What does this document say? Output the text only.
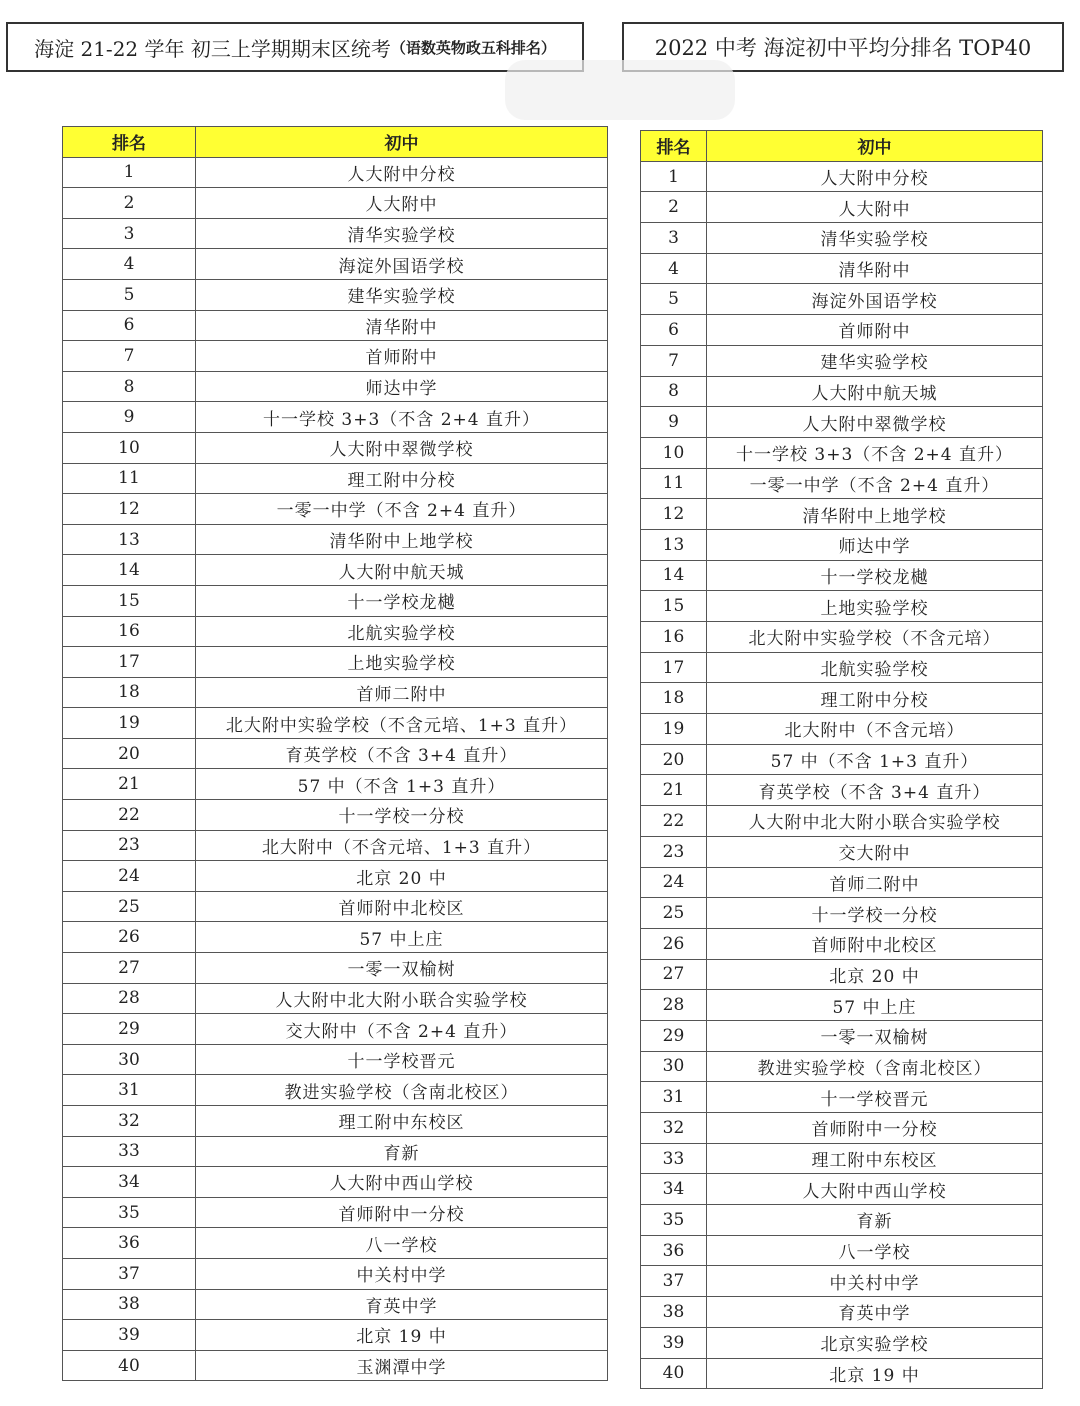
海淀 21-22 学年 初三上学期期末区统考 （语数英物政五科排名）	2022 中考 海淀初中平均分排名 TOP40
排名	初中
1	人大附中分校
2	人大附中
3	清华实验学校
4	海淀外国语学校
5	建华实验学校
6	清华附中
7	首师附中
8	师达中学
9	十一学校 3+3（不含 2+4 直升）
10	人大附中翠微学校
11	理工附中分校
12	一零一中学（不含 2+4 直升）
13	清华附中上地学校
14	人大附中航天城
15	十一学校龙樾
16	北航实验学校
17	上地实验学校
18	首师二附中
19	北大附中实验学校（不含元培、1+3 直升）
20	育英学校（不含 3+4 直升）
21	57 中（不含 1+3 直升）
22	十一学校一分校
23	北大附中（不含元培、1+3 直升）
24	北京 20 中
25	首师附中北校区
26	57 中上庄
27	一零一双榆树
28	人大附中北大附小联合实验学校
29	交大附中（不含 2+4 直升）
30	十一学校晋元
31	教进实验学校（含南北校区）
32	理工附中东校区
33	育新
34	人大附中西山学校
35	首师附中一分校
36	八一学校
37	中关村中学
38	育英中学
39	北京 19 中
40	玉渊潭中学
排名	初中
1	人大附中分校
2	人大附中
3	清华实验学校
4	清华附中
5	海淀外国语学校
6	首师附中
7	建华实验学校
8	人大附中航天城
9	人大附中翠微学校
10	十一学校 3+3（不含 2+4 直升）
11	一零一中学（不含 2+4 直升）
12	清华附中上地学校
13	师达中学
14	十一学校龙樾
15	上地实验学校
16	北大附中实验学校（不含元培）
17	北航实验学校
18	理工附中分校
19	北大附中（不含元培）
20	57 中（不含 1+3 直升）
21	育英学校（不含 3+4 直升）
22	人大附中北大附小联合实验学校
23	交大附中
24	首师二附中
25	十一学校一分校
26	首师附中北校区
27	北京 20 中
28	57 中上庄
29	一零一双榆树
30	教进实验学校（含南北校区）
31	十一学校晋元
32	首师附中一分校
33	理工附中东校区
34	人大附中西山学校
35	育新
36	八一学校
37	中关村中学
38	育英中学
39	北京实验学校
40	北京 19 中
